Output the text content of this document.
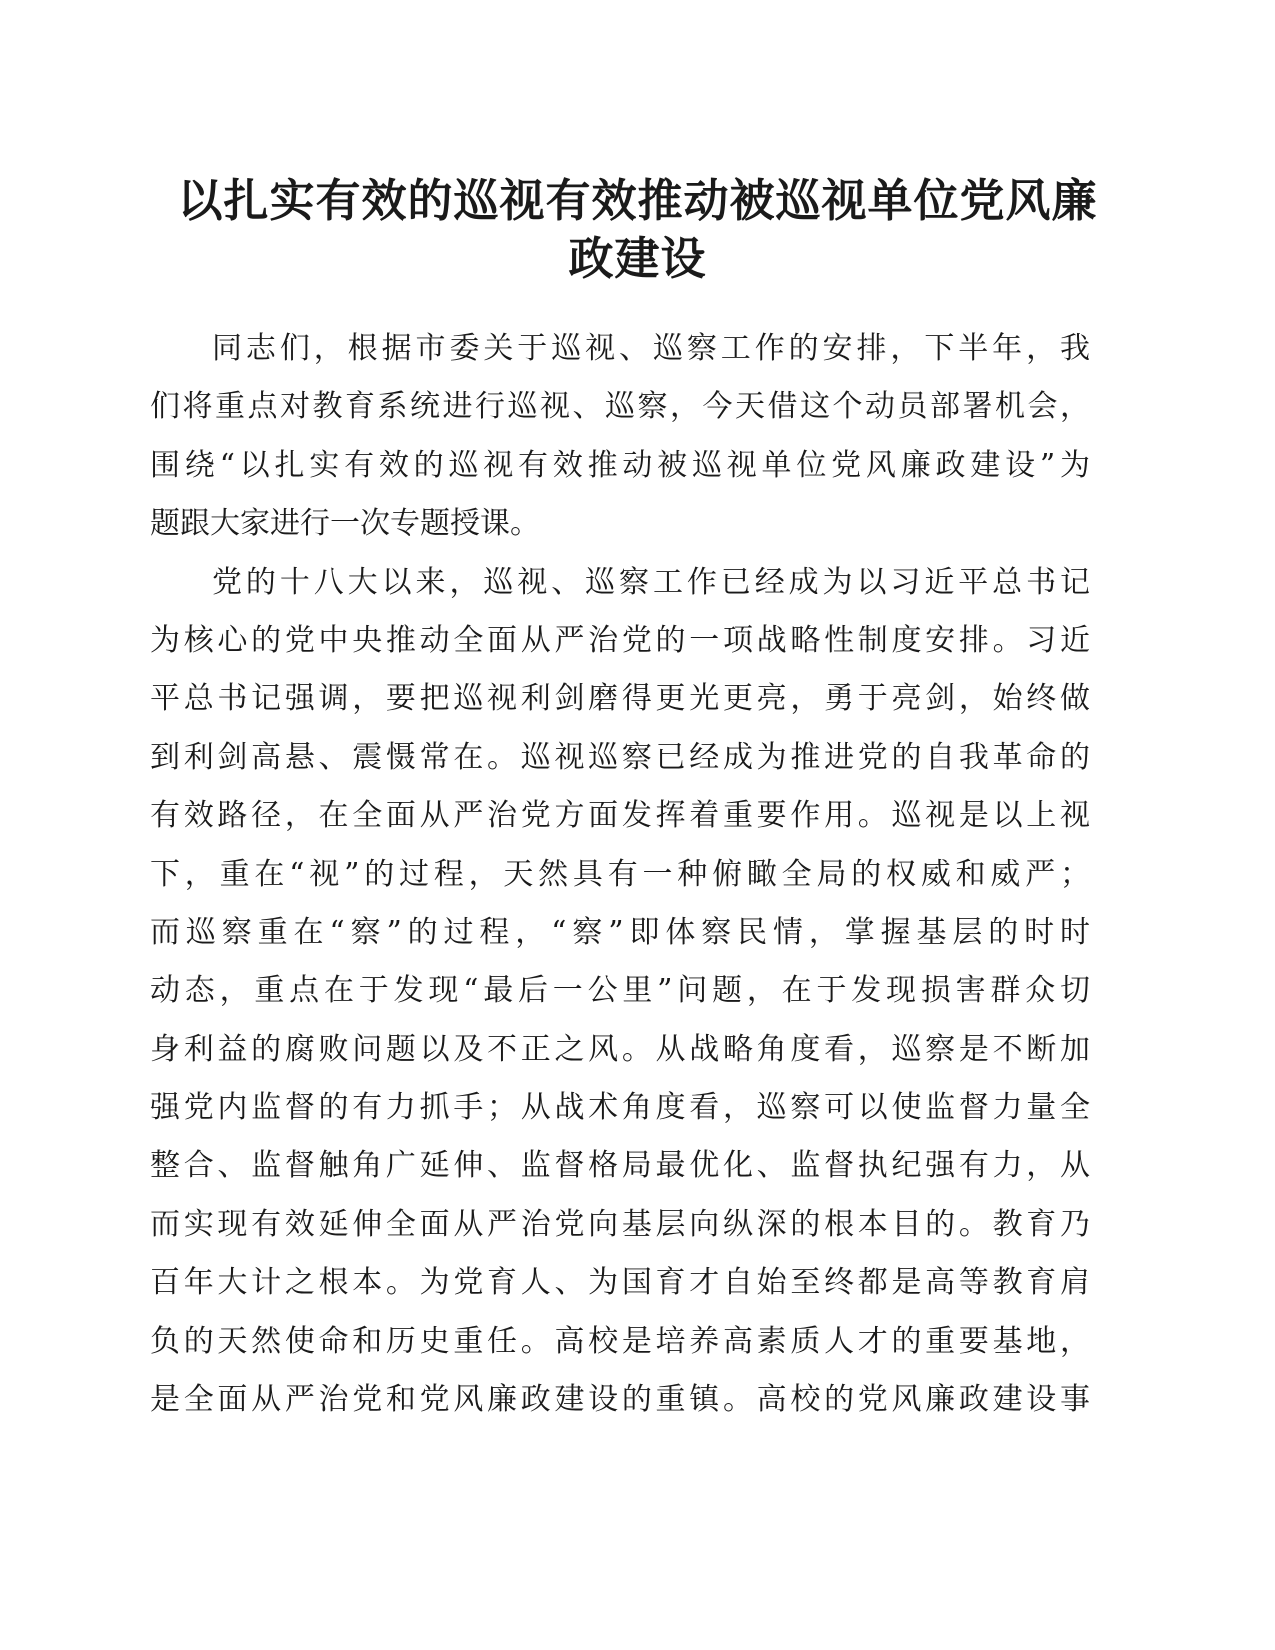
以扎实有效的巡视有效推动被巡视单位党风廉
政建设
同志们，根据市委关于巡视、巡察工作的安排，下半年，我
们将重点对教育系统进行巡视、巡察，今天借这个动员部署机会，
围绕“以扎实有效的巡视有效推动被巡视单位党风廉政建设”为
题跟大家进行一次专题授课。
党的十八大以来，巡视、巡察工作已经成为以习近平总书记
为核心的党中央推动全面从严治党的一项战略性制度安排。习近
平总书记强调，要把巡视利剑磨得更光更亮，勇于亮剑，始终做
到利剑高悬、震慑常在。巡视巡察已经成为推进党的自我革命的
有效路径，在全面从严治党方面发挥着重要作用。巡视是以上视
下，重在“视”的过程，天然具有一种俯瞰全局的权威和威严；
而巡察重在“察”的过程，“察”即体察民情，掌握基层的时时
动态，重点在于发现“最后一公里”问题，在于发现损害群众切
身利益的腐败问题以及不正之风。从战略角度看，巡察是不断加
强党内监督的有力抓手；从战术角度看，巡察可以使监督力量全
整合、监督触角广延伸、监督格局最优化、监督执纪强有力，从
而实现有效延伸全面从严治党向基层向纵深的根本目的。教育乃
百年大计之根本。为党育人、为国育才自始至终都是高等教育肩
负的天然使命和历史重任。高校是培养高素质人才的重要基地，
是全面从严治党和党风廉政建设的重镇。高校的党风廉政建设事
